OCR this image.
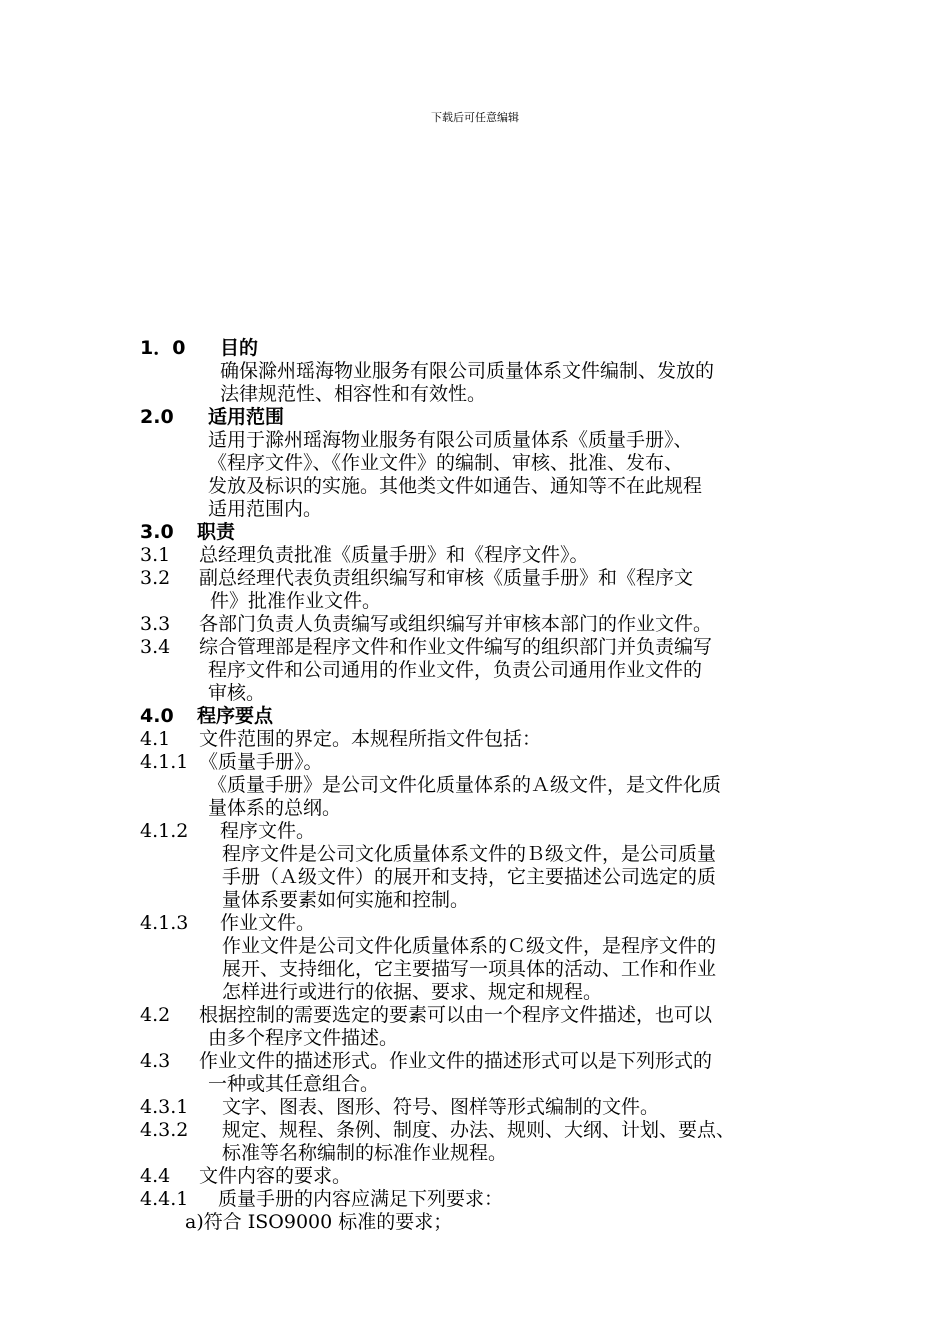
下载后可任意编辑
1．0 目的
确保滁州瑶海物业服务有限公司质量体系文件编制、发放的
法律规范性、相容性和有效性。
2.0 适用范围
适用于滁州瑶海物业服务有限公司质量体系《质量手册》、
《程序文件》、《作业文件》的编制、审核、批准、发布、
发放及标识的实施。其他类文件如通告、通知等不在此规程
适用范围内。
3.0 职责
3.1 总经理负责批准《质量手册》和《程序文件》。
3.2 副总经理代表负责组织编写和审核《质量手册》和《程序文
件》批准作业文件。
3.3 各部门负责人负责编写或组织编写并审核本部门的作业文件。
3.4 综合管理部是程序文件和作业文件编写的组织部门并负责编写
程序文件和公司通用的作业文件，负责公司通用作业文件的
审核。
4.0 程序要点
4.1 文件范围的界定。本规程所指文件包括：
4.1.1 《质量手册》。
《质量手册》是公司文件化质量体系的Ａ级文件，是文件化质
量体系的总纲。
4.1.2 程序文件。
程序文件是公司文化质量体系文件的Ｂ级文件，是公司质量
手册（Ａ级文件）的展开和支持，它主要描述公司选定的质
量体系要素如何实施和控制。
4.1.3 作业文件。
作业文件是公司文件化质量体系的Ｃ级文件，是程序文件的
展开、支持细化，它主要描写一项具体的活动、工作和作业
怎样进行或进行的依据、要求、规定和规程。
4.2 根据控制的需要选定的要素可以由一个程序文件描述，也可以
由多个程序文件描述。
4.3 作业文件的描述形式。作业文件的描述形式可以是下列形式的
一种或其任意组合。
4.3.1 文字、图表、图形、符号、图样等形式编制的文件。
4.3.2 规定、规程、条例、制度、办法、规则、大纲、计划、要点、
标准等名称编制的标准作业规程。
4.4 文件内容的要求。
4.4.1 质量手册的内容应满足下列要求：
a)符合 ISO9000 标准的要求；
